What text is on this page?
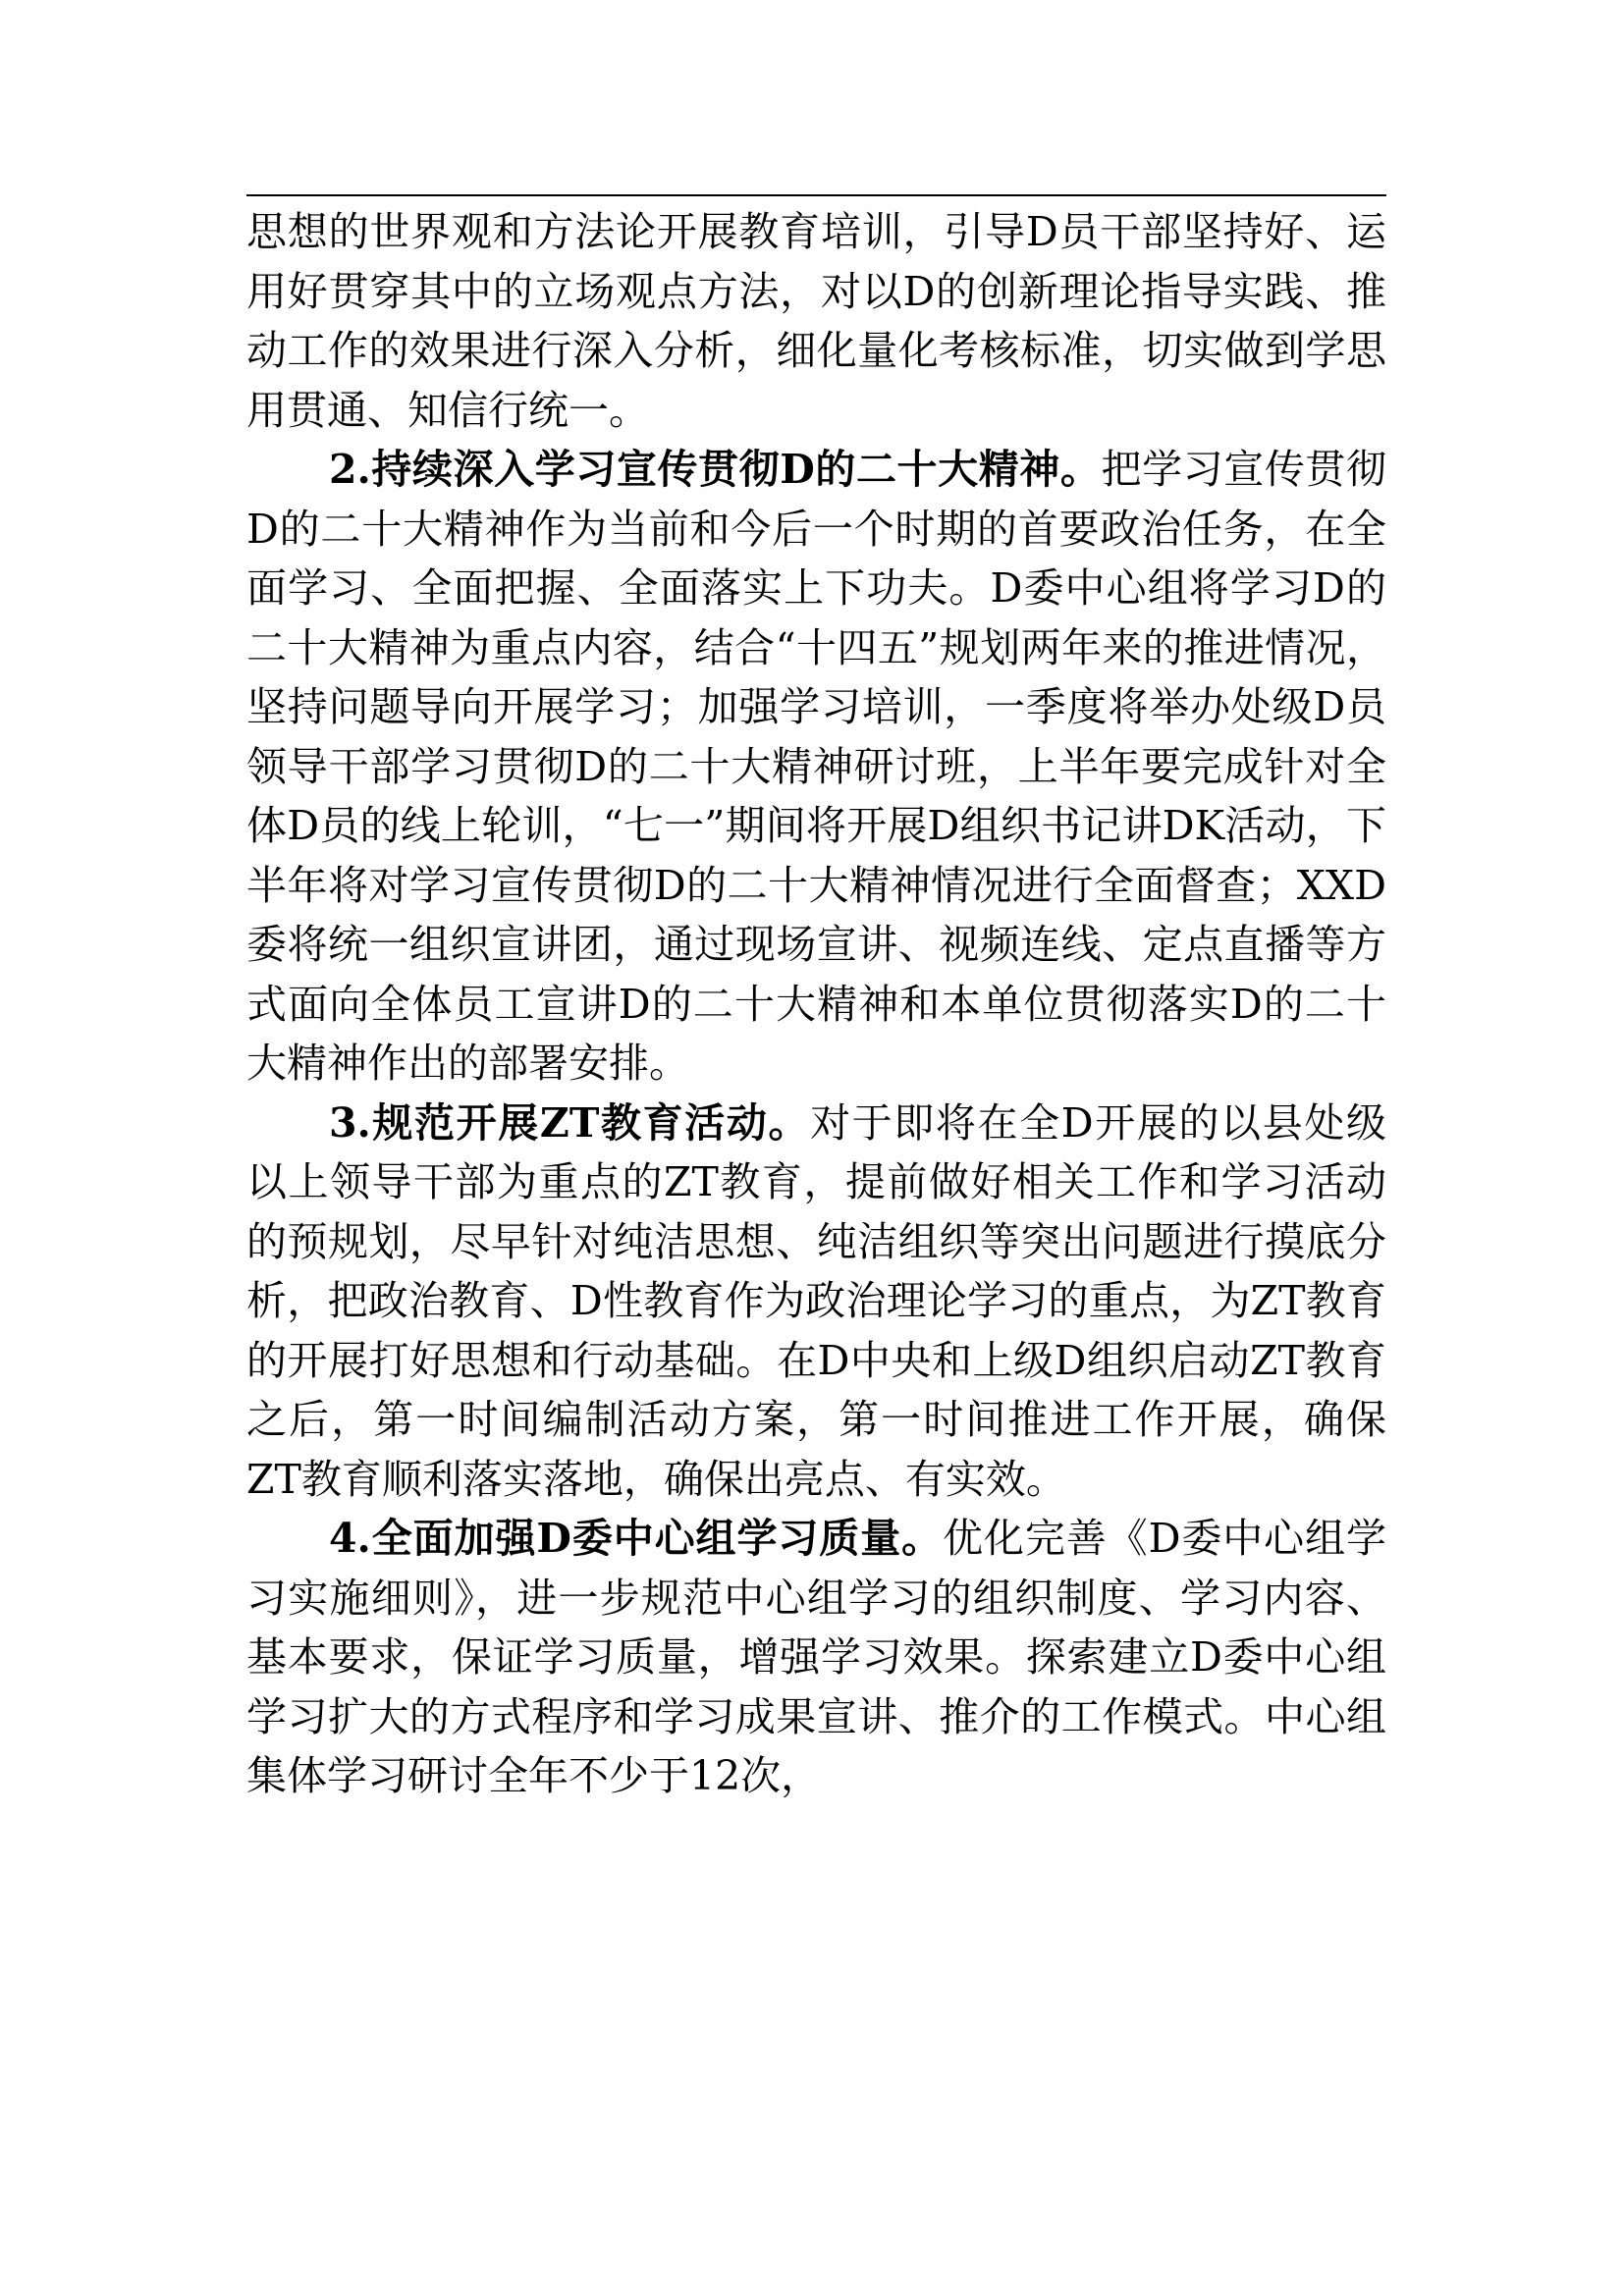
思想的世界观和方法论开展教育培训，引导D员干部坚持好、运用好贯穿其中的立场观点方法，对以D的创新理论指导实践、推动工作的效果进行深入分析，细化量化考核标准，切实做到学思用贯通、知信行统一。

2.持续深入学习宣传贯彻D的二十大精神。把学习宣传贯彻D的二十大精神作为当前和今后一个时期的首要政治任务，在全面学习、全面把握、全面落实上下功夫。D委中心组将学习D的二十大精神为重点内容，结合“十四五”规划两年来的推进情况，坚持问题导向开展学习；加强学习培训，一季度将举办处级D员领导干部学习贯彻D的二十大精神研讨班，上半年要完成针对全体D员的线上轮训，“七一”期间将开展D组织书记讲DK活动，下半年将对学习宣传贯彻D的二十大精神情况进行全面督查；XXD委将统一组织宣讲团，通过现场宣讲、视频连线、定点直播等方式面向全体员工宣讲D的二十大精神和本单位贯彻落实D的二十大精神作出的部署安排。

3.规范开展ZT教育活动。对于即将在全D开展的以县处级以上领导干部为重点的ZT教育，提前做好相关工作和学习活动的预规划，尽早针对纯洁思想、纯洁组织等突出问题进行摸底分析，把政治教育、D性教育作为政治理论学习的重点，为ZT教育的开展打好思想和行动基础。在D中央和上级D组织启动ZT教育之后，第一时间编制活动方案，第一时间推进工作开展，确保ZT教育顺利落实落地，确保出亮点、有实效。

4.全面加强D委中心组学习质量。优化完善《D委中心组学习实施细则》，进一步规范中心组学习的组织制度、学习内容、基本要求，保证学习质量，增强学习效果。探索建立D委中心组学习扩大的方式程序和学习成果宣讲、推介的工作模式。中心组集体学习研讨全年不少于12次，
